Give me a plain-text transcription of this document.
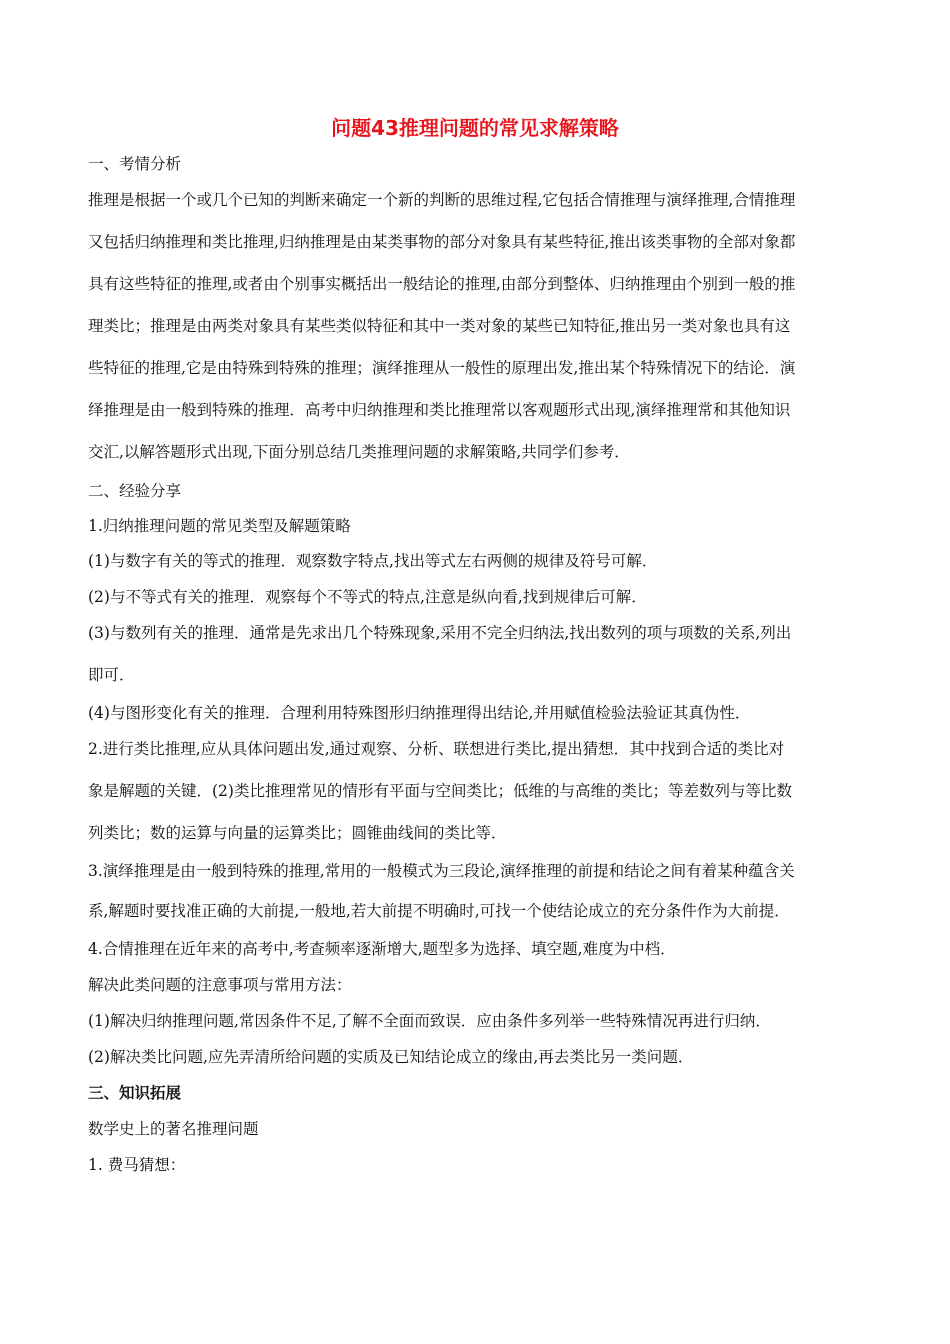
问题43推理问题的常见求解策略
一、考情分析
推理是根据一个或几个已知的判断来确定一个新的判断的思维过程,它包括合情推理与演绎推理,合情推理
又包括归纳推理和类比推理,归纳推理是由某类事物的部分对象具有某些特征,推出该类事物的全部对象都
具有这些特征的推理,或者由个别事实概括出一般结论的推理,由部分到整体、归纳推理由个别到一般的推
理类比；推理是由两类对象具有某些类似特征和其中一类对象的某些已知特征,推出另一类对象也具有这
些特征的推理,它是由特殊到特殊的推理；演绎推理从一般性的原理出发,推出某个特殊情况下的结论．演
绎推理是由一般到特殊的推理．高考中归纳推理和类比推理常以客观题形式出现,演绎推理常和其他知识
交汇,以解答题形式出现,下面分别总结几类推理问题的求解策略,共同学们参考．
二、经验分享
1.归纳推理问题的常见类型及解题策略
(1)与数字有关的等式的推理．观察数字特点,找出等式左右两侧的规律及符号可解．
(2)与不等式有关的推理．观察每个不等式的特点,注意是纵向看,找到规律后可解．
(3)与数列有关的推理．通常是先求出几个特殊现象,采用不完全归纳法,找出数列的项与项数的关系,列出
即可．
(4)与图形变化有关的推理．合理利用特殊图形归纳推理得出结论,并用赋值检验法验证其真伪性．
2.进行类比推理,应从具体问题出发,通过观察、分析、联想进行类比,提出猜想．其中找到合适的类比对
象是解题的关键．(2)类比推理常见的情形有平面与空间类比；低维的与高维的类比；等差数列与等比数
列类比；数的运算与向量的运算类比；圆锥曲线间的类比等．
3.演绎推理是由一般到特殊的推理,常用的一般模式为三段论,演绎推理的前提和结论之间有着某种蕴含关
系,解题时要找准正确的大前提,一般地,若大前提不明确时,可找一个使结论成立的充分条件作为大前提．
4.合情推理在近年来的高考中,考查频率逐渐增大,题型多为选择、填空题,难度为中档．
解决此类问题的注意事项与常用方法：
(1)解决归纳推理问题,常因条件不足,了解不全面而致误．应由条件多列举一些特殊情况再进行归纳．
(2)解决类比问题,应先弄清所给问题的实质及已知结论成立的缘由,再去类比另一类问题．
三、知识拓展
数学史上的著名推理问题
1. 费马猜想：
